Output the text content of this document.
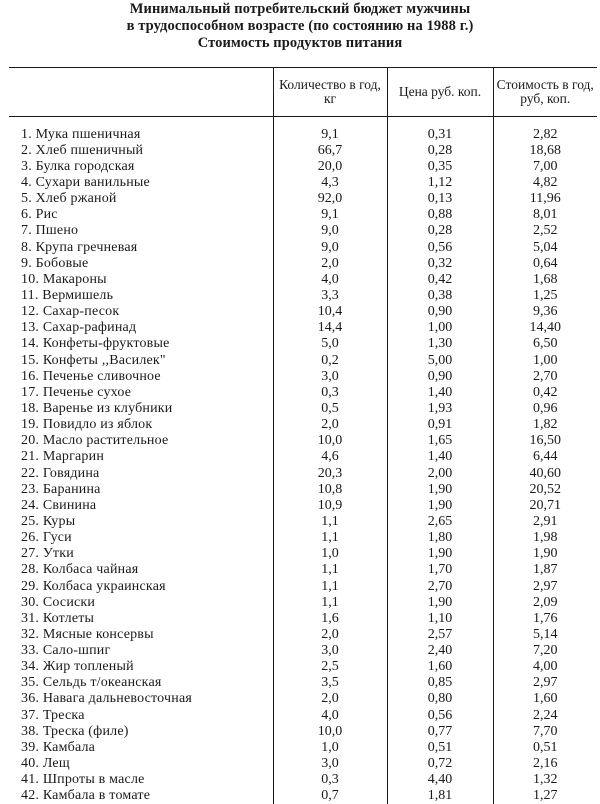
Минимальный потребительский бюджет мужчины
в трудоспособном возрасте (по состоянию на 1988 г.)
Стоимость продуктов питания
	Количество в год, кг	Цена руб. коп.	Стоимость в год, руб, коп.
1. Мука пшеничная	9,1	0,31	2,82
2. Хлеб пшеничный	66,7	0,28	18,68
3. Булка городская	20,0	0,35	7,00
4. Сухари ванильные	4,3	1,12	4,82
5. Хлеб ржаной	92,0	0,13	11,96
6. Рис	9,1	0,88	8,01
7. Пшено	9,0	0,28	2,52
8. Крупа гречневая	9,0	0,56	5,04
9. Бобовые	2,0	0,32	0,64
10. Макароны	4,0	0,42	1,68
11. Вермишель	3,3	0,38	1,25
12. Сахар-песок	10,4	0,90	9,36
13. Сахар-рафинад	14,4	1,00	14,40
14. Конфеты-фруктовые	5,0	1,30	6,50
15. Конфеты ,,Василек"	0,2	5,00	1,00
16. Печенье сливочное	3,0	0,90	2,70
17. Печенье сухое	0,3	1,40	0,42
18. Варенье из клубники	0,5	1,93	0,96
19. Повидло из яблок	2,0	0,91	1,82
20. Масло растительное	10,0	1,65	16,50
21. Маргарин	4,6	1,40	6,44
22. Говядина	20,3	2,00	40,60
23. Баранина	10,8	1,90	20,52
24. Свинина	10,9	1,90	20,71
25. Куры	1,1	2,65	2,91
26. Гуси	1,1	1,80	1,98
27. Утки	1,0	1,90	1,90
28. Колбаса чайная	1,1	1,70	1,87
29. Колбаса украинская	1,1	2,70	2,97
30. Сосиски	1,1	1,90	2,09
31. Котлеты	1,6	1,10	1,76
32. Мясные консервы	2,0	2,57	5,14
33. Сало-шпиг	3,0	2,40	7,20
34. Жир топленый	2,5	1,60	4,00
35. Сельдь т/океанская	3,5	0,85	2,97
36. Навага дальневосточная	2,0	0,80	1,60
37. Треска	4,0	0,56	2,24
38. Треска (филе)	10,0	0,77	7,70
39. Камбала	1,0	0,51	0,51
40. Лещ	3,0	0,72	2,16
41. Шпроты в масле	0,3	4,40	1,32
42. Камбала в томате	0,7	1,81	1,27
